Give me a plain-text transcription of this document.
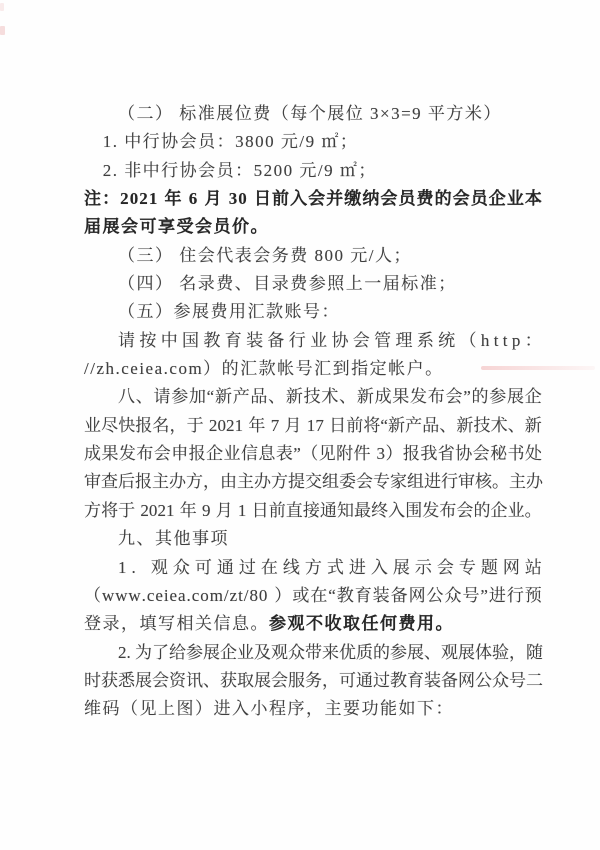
（二） 标准展位费（每个展位 3×3=9 平方米）
1. 中行协会员：3800 元/9 ㎡；
2. 非中行协会员：5200 元/9 ㎡；
注 ： 2 0 2 1
年
6
月
3 0
日 前 入 会 并 缴 纳 会 员 费 的 会 员 企 业 本
届展会可享受会员价。
（三） 住会代表会务费 800 元/人；
（四） 名录费、目录费参照上一届标准；
（五）参展费用汇款账号：
请 按 中 国 教 育 装 备 行 业 协 会 管 理 系 统 （ h t t p ：
//zh.ceiea.com）的汇款帐号汇到指定帐户。
八 、 请 参 加 “ 新 产 品 、 新 技 术 、 新 成 果 发 布 会 ” 的 参 展 企
业 尽 快 报 名 ， 于
2 0 2 1
年
7
月
1 7
日 前 将 “ 新 产 品 、 新 技 术 、 新
成 果 发 布 会 申 报 企 业 信 息 表 ” （ 见 附 件
3 ） 报 我 省 协 会 秘 书 处
审 查 后 报 主 办 方 ， 由 主 办 方 提 交 组 委 会 专 家 组 进 行 审 核 。 主 办
方 将 于
2 0 2 1
年
9
月
1
日 前 直 接 通 知 最 终 入 围 发 布 会 的 企 业 。
九、其他事项
1 .
观 众 可 通 过 在 线 方 式 进 入 展 示 会 专 题 网 站
（ w w w . c e i e a . c o m / z t / 8 0
） 或 在 “ 教 育 装 备 网 公 众 号 ” 进 行 预
登录，填写相关信息。参观不收取任何费用。
2 .
为 了 给 参 展 企 业 及 观 众 带 来 优 质 的 参 展 、 观 展 体 验 ， 随
时 获 悉 展 会 资 讯 、 获 取 展 会 服 务 ， 可 通 过 教 育 装 备 网 公 众 号 二
维码（见上图）进入小程序，主要功能如下：
